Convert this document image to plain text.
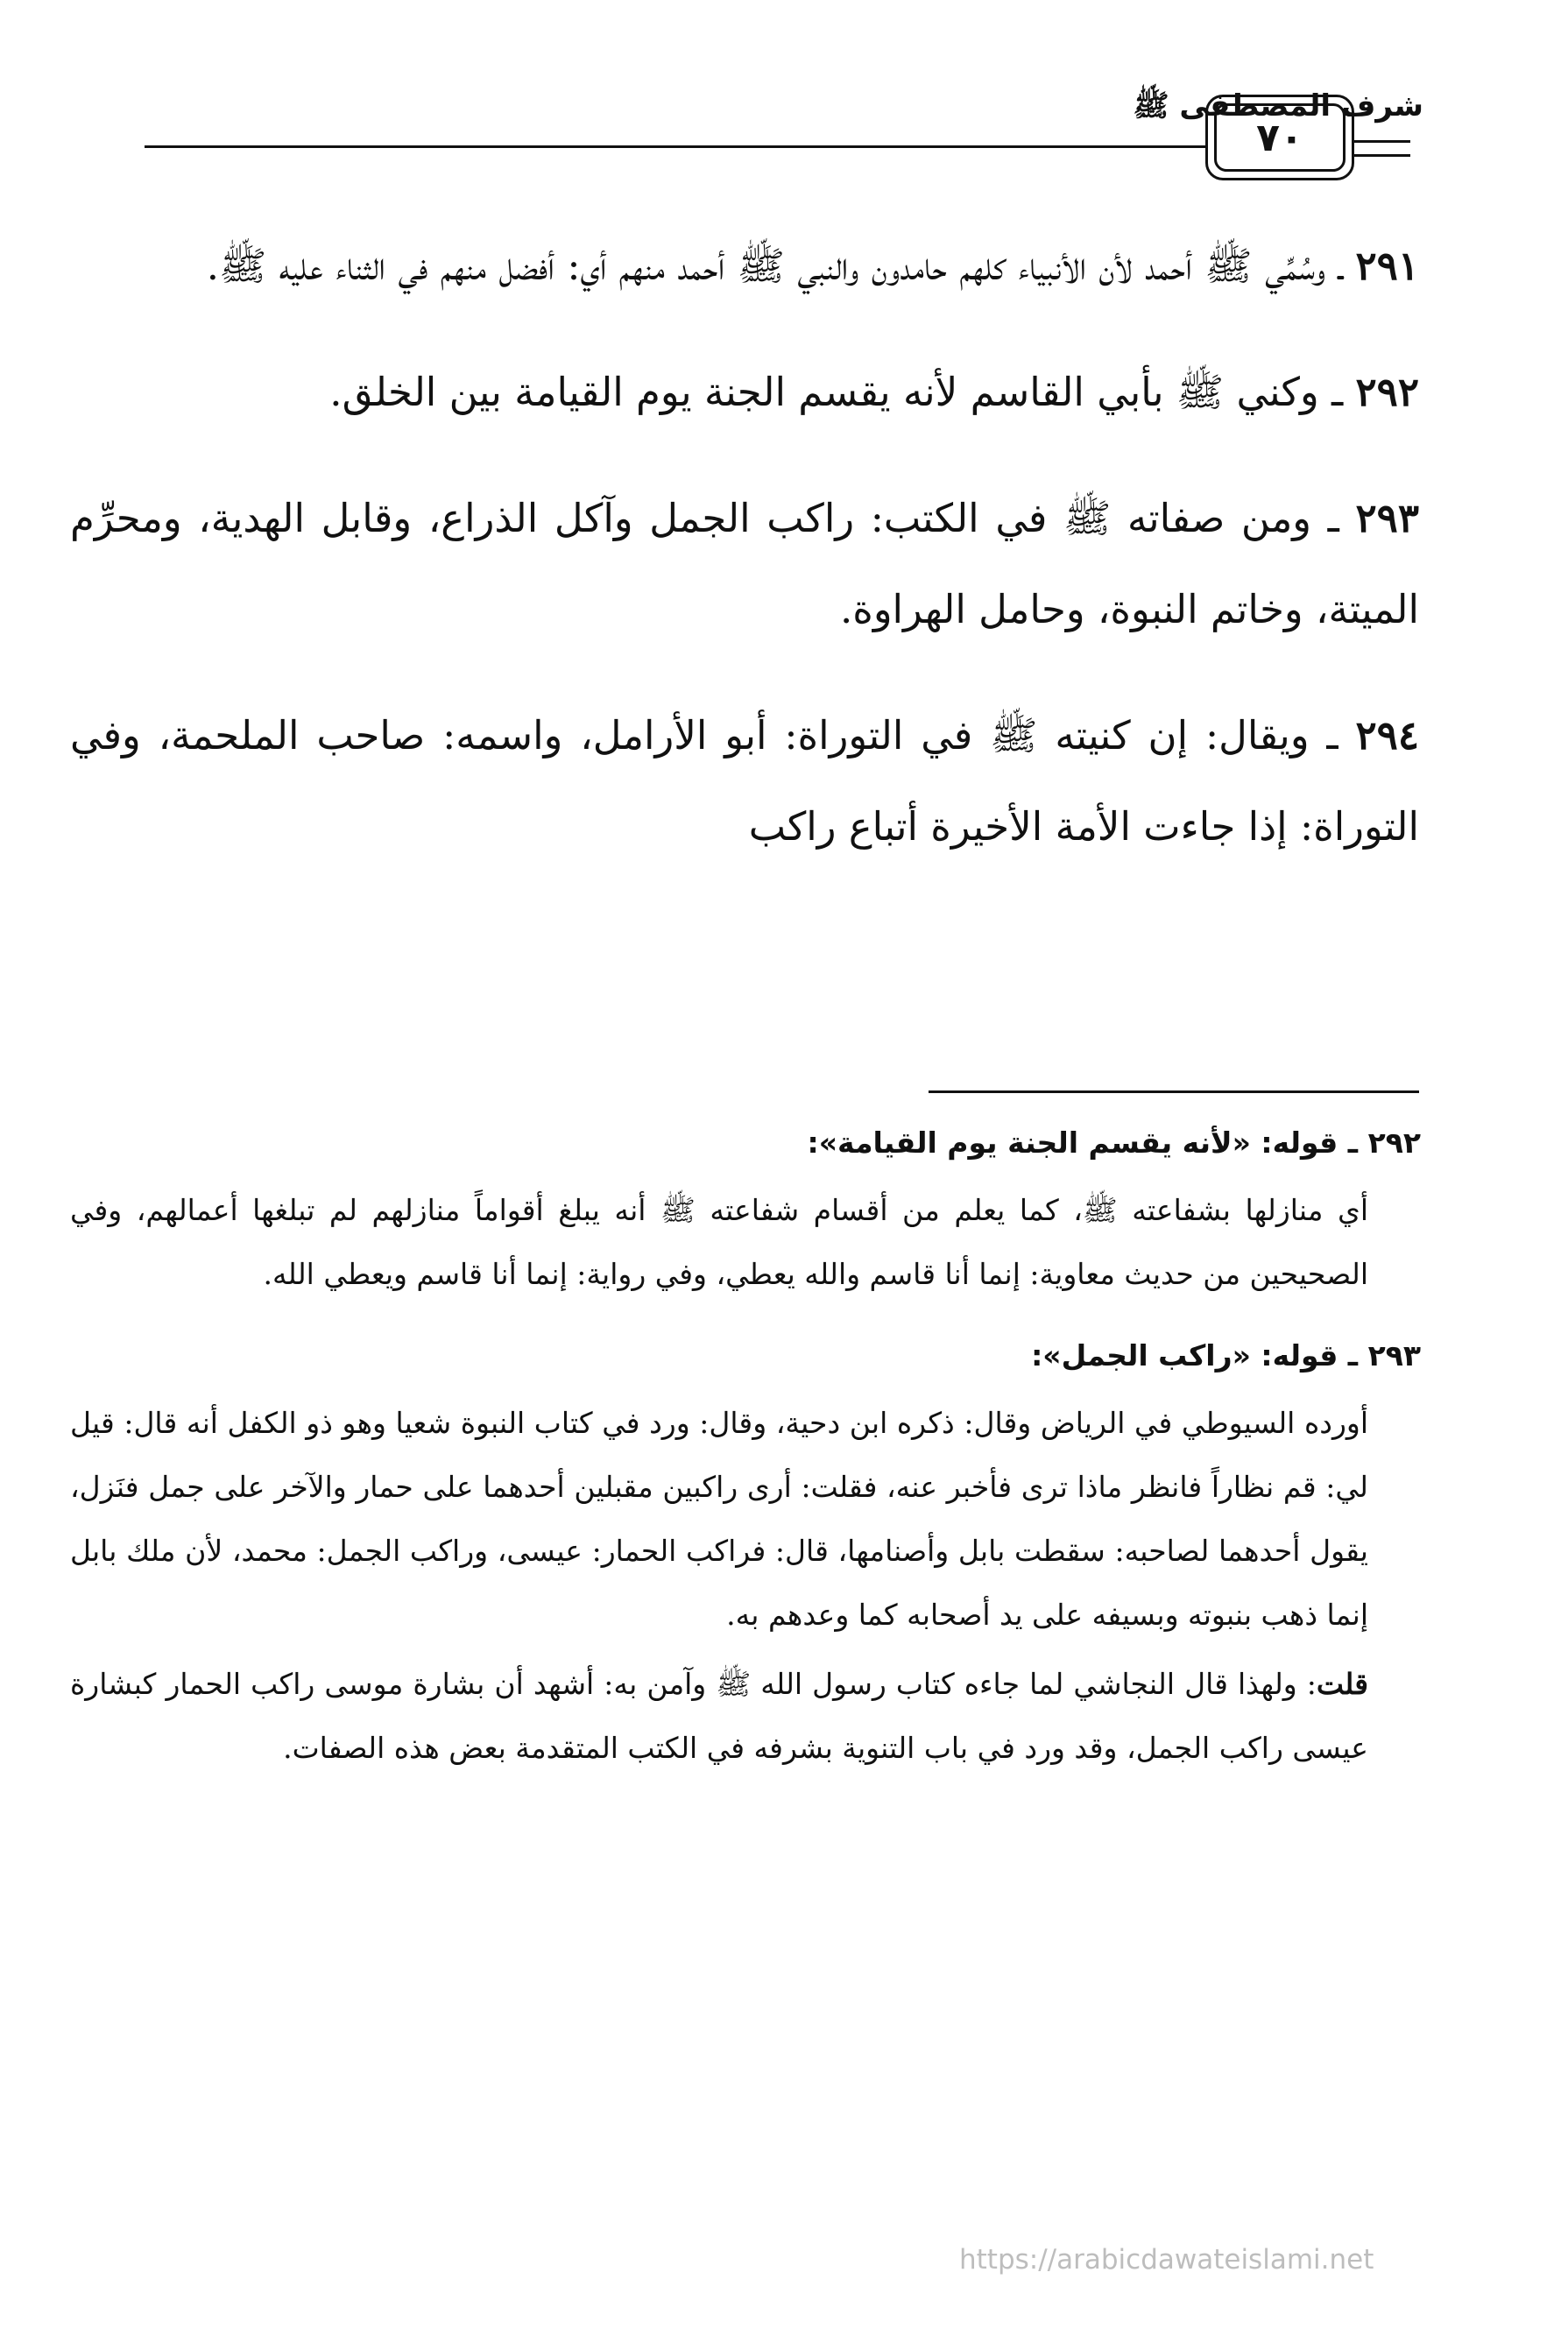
شرف المصطفى ﷺ
٧٠

٢٩١ ـ وسُمِّي ﷺ أحمد لأن الأنبياء كلهم حامدون والنبي ﷺ أحمد منهم أي: أفضل منهم في الثناء عليه ﷺ.

٢٩٢ ـ وكني ﷺ بأبي القاسم لأنه يقسم الجنة يوم القيامة بين الخلق.

٢٩٣ ـ ومن صفاته ﷺ في الكتب: راكب الجمل وآكل الذراع، وقابل الهدية، ومحرِّم الميتة، وخاتم النبوة، وحامل الهراوة.

٢٩٤ ـ ويقال: إن كنيته ﷺ في التوراة: أبو الأرامل، واسمه: صاحب الملحمة، وفي التوراة: إذا جاءت الأمة الأخيرة أتباع راكب

٢٩٢ ـ قوله: «لأنه يقسم الجنة يوم القيامة»:
أي منازلها بشفاعته ﷺ، كما يعلم من أقسام شفاعته ﷺ أنه يبلغ أقواماً منازلهم لم تبلغها أعمالهم، وفي الصحيحين من حديث معاوية: إنما أنا قاسم والله يعطي، وفي رواية: إنما أنا قاسم ويعطي الله.
٢٩٣ ـ قوله: «راكب الجمل»:
أورده السيوطي في الرياض وقال: ذكره ابن دحية، وقال: ورد في كتاب النبوة شعيا وهو ذو الكفل أنه قال: قيل لي: قم نظاراً فانظر ماذا ترى فأخبر عنه، فقلت: أرى راكبين مقبلين أحدهما على حمار والآخر على جمل فنَزل، يقول أحدهما لصاحبه: سقطت بابل وأصنامها، قال: فراكب الحمار: عيسى، وراكب الجمل: محمد، لأن ملك بابل إنما ذهب بنبوته وبسيفه على يد أصحابه كما وعدهم به.
قلت: ولهذا قال النجاشي لما جاءه كتاب رسول الله ﷺ وآمن به: أشهد أن بشارة موسى راكب الحمار كبشارة عيسى راكب الجمل، وقد ورد في باب التنوية بشرفه في الكتب المتقدمة بعض هذه الصفات.
https://arabicdawateislami.net
